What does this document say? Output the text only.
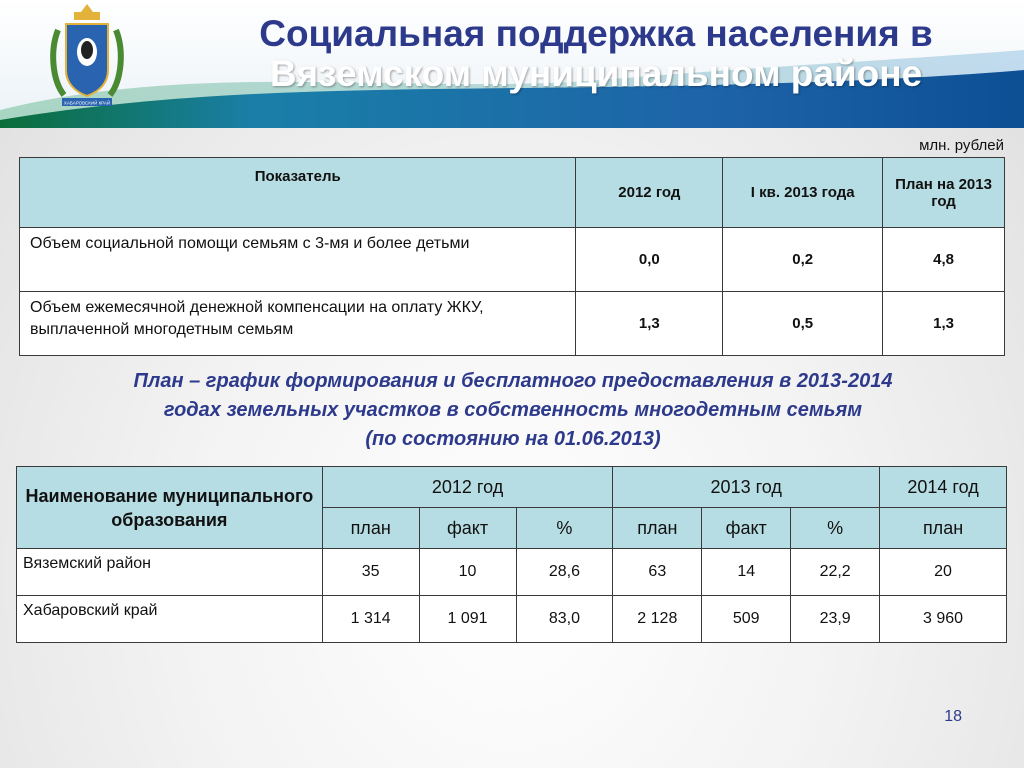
ХАБАРОВСКИЙ КРАЙ
Социальная поддержка населения в
Вяземском муниципальном районе
млн. рублей
Показатель	2012 год	I кв. 2013 года	План на 2013 год
Объем социальной помощи семьям с 3-мя и более детьми	0,0	0,2	4,8
Объем ежемесячной денежной компенсации на оплату ЖКУ, выплаченной многодетным семьям	1,3	0,5	1,3
План – график формирования и бесплатного предоставления в 2013-2014
годах земельных участков в собственность многодетным семьям
(по состоянию на 01.06.2013)
Наименование муниципального образования	2012 год			2013 год			2014 год
	план	факт	%	план	факт	%	план
Вяземский район	35	10	28,6	63	14	22,2	20
Хабаровский край	1 314	1 091	83,0	2 128	509	23,9	3 960
18
